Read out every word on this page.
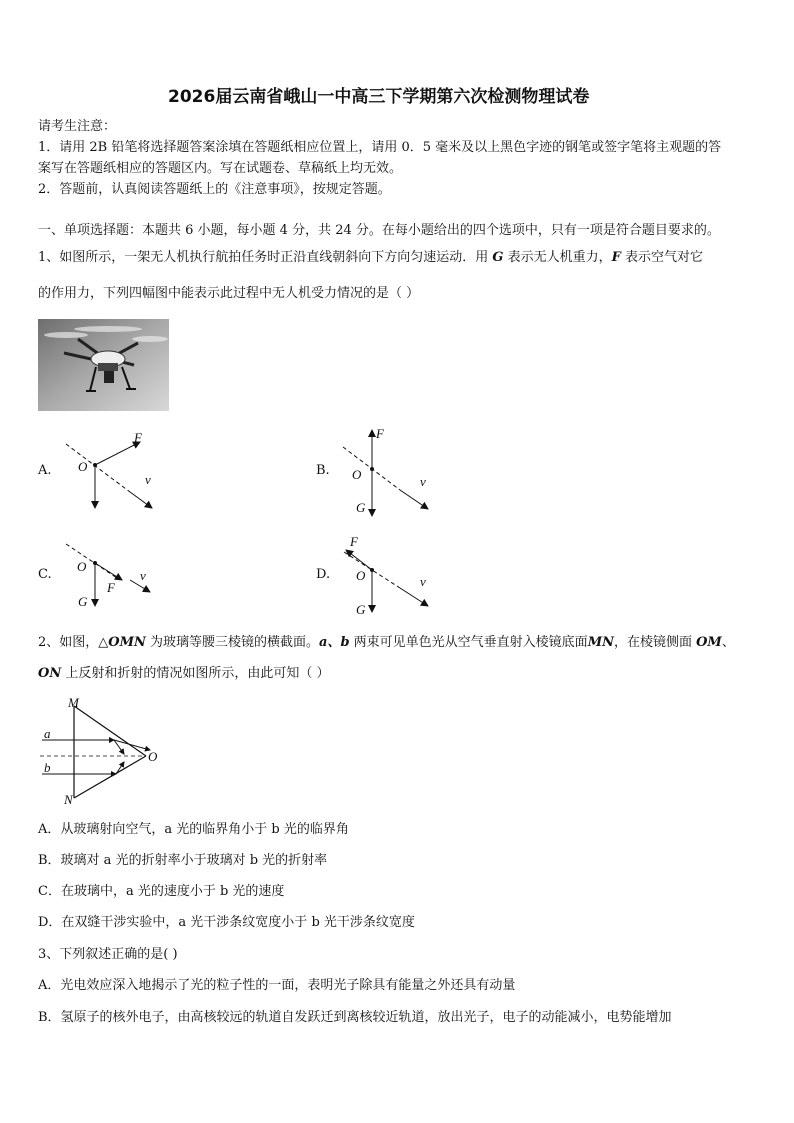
2026届云南省峨山一中高三下学期第六次检测物理试卷
请考生注意：
1．请用 2B 铅笔将选择题答案涂填在答题纸相应位置上，请用 0．5 毫米及以上黑色字迹的钢笔或签字笔将主观题的答
案写在答题纸相应的答题区内。写在试题卷、草稿纸上均无效。
2．答题前，认真阅读答题纸上的《注意事项》，按规定答题。
一、单项选择题：本题共 6 小题，每小题 4 分，共 24 分。在每小题给出的四个选项中，只有一项是符合题目要求的。
1、如图所示，一架无人机执行航拍任务时正沿直线朝斜向下方向匀速运动．用 G 表示无人机重力，F 表示空气对它
的作用力，下列四幅图中能表示此过程中无人机受力情况的是（ ）
A.	B.
C.	D.
O
F
v	O
F
G
v
O
F
G
v	O
F
G
v
2、如图，△OMN 为玻璃等腰三棱镜的横截面。a、b 两束可见单色光从空气垂直射入棱镜底面MN，在棱镜侧面 OM、
ON 上反射和折射的情况如图所示，由此可知（ ）
M
N
O
a
b
A．从玻璃射向空气，a 光的临界角小于 b 光的临界角
B．玻璃对 a 光的折射率小于玻璃对 b 光的折射率
C．在玻璃中，a 光的速度小于 b 光的速度
D．在双缝干涉实验中，a 光干涉条纹宽度小于 b 光干涉条纹宽度
3、下列叙述正确的是( )
A．光电效应深入地揭示了光的粒子性的一面，表明光子除具有能量之外还具有动量
B．氢原子的核外电子，由高核较远的轨道自发跃迁到离核较近轨道，放出光子，电子的动能减小，电势能增加
